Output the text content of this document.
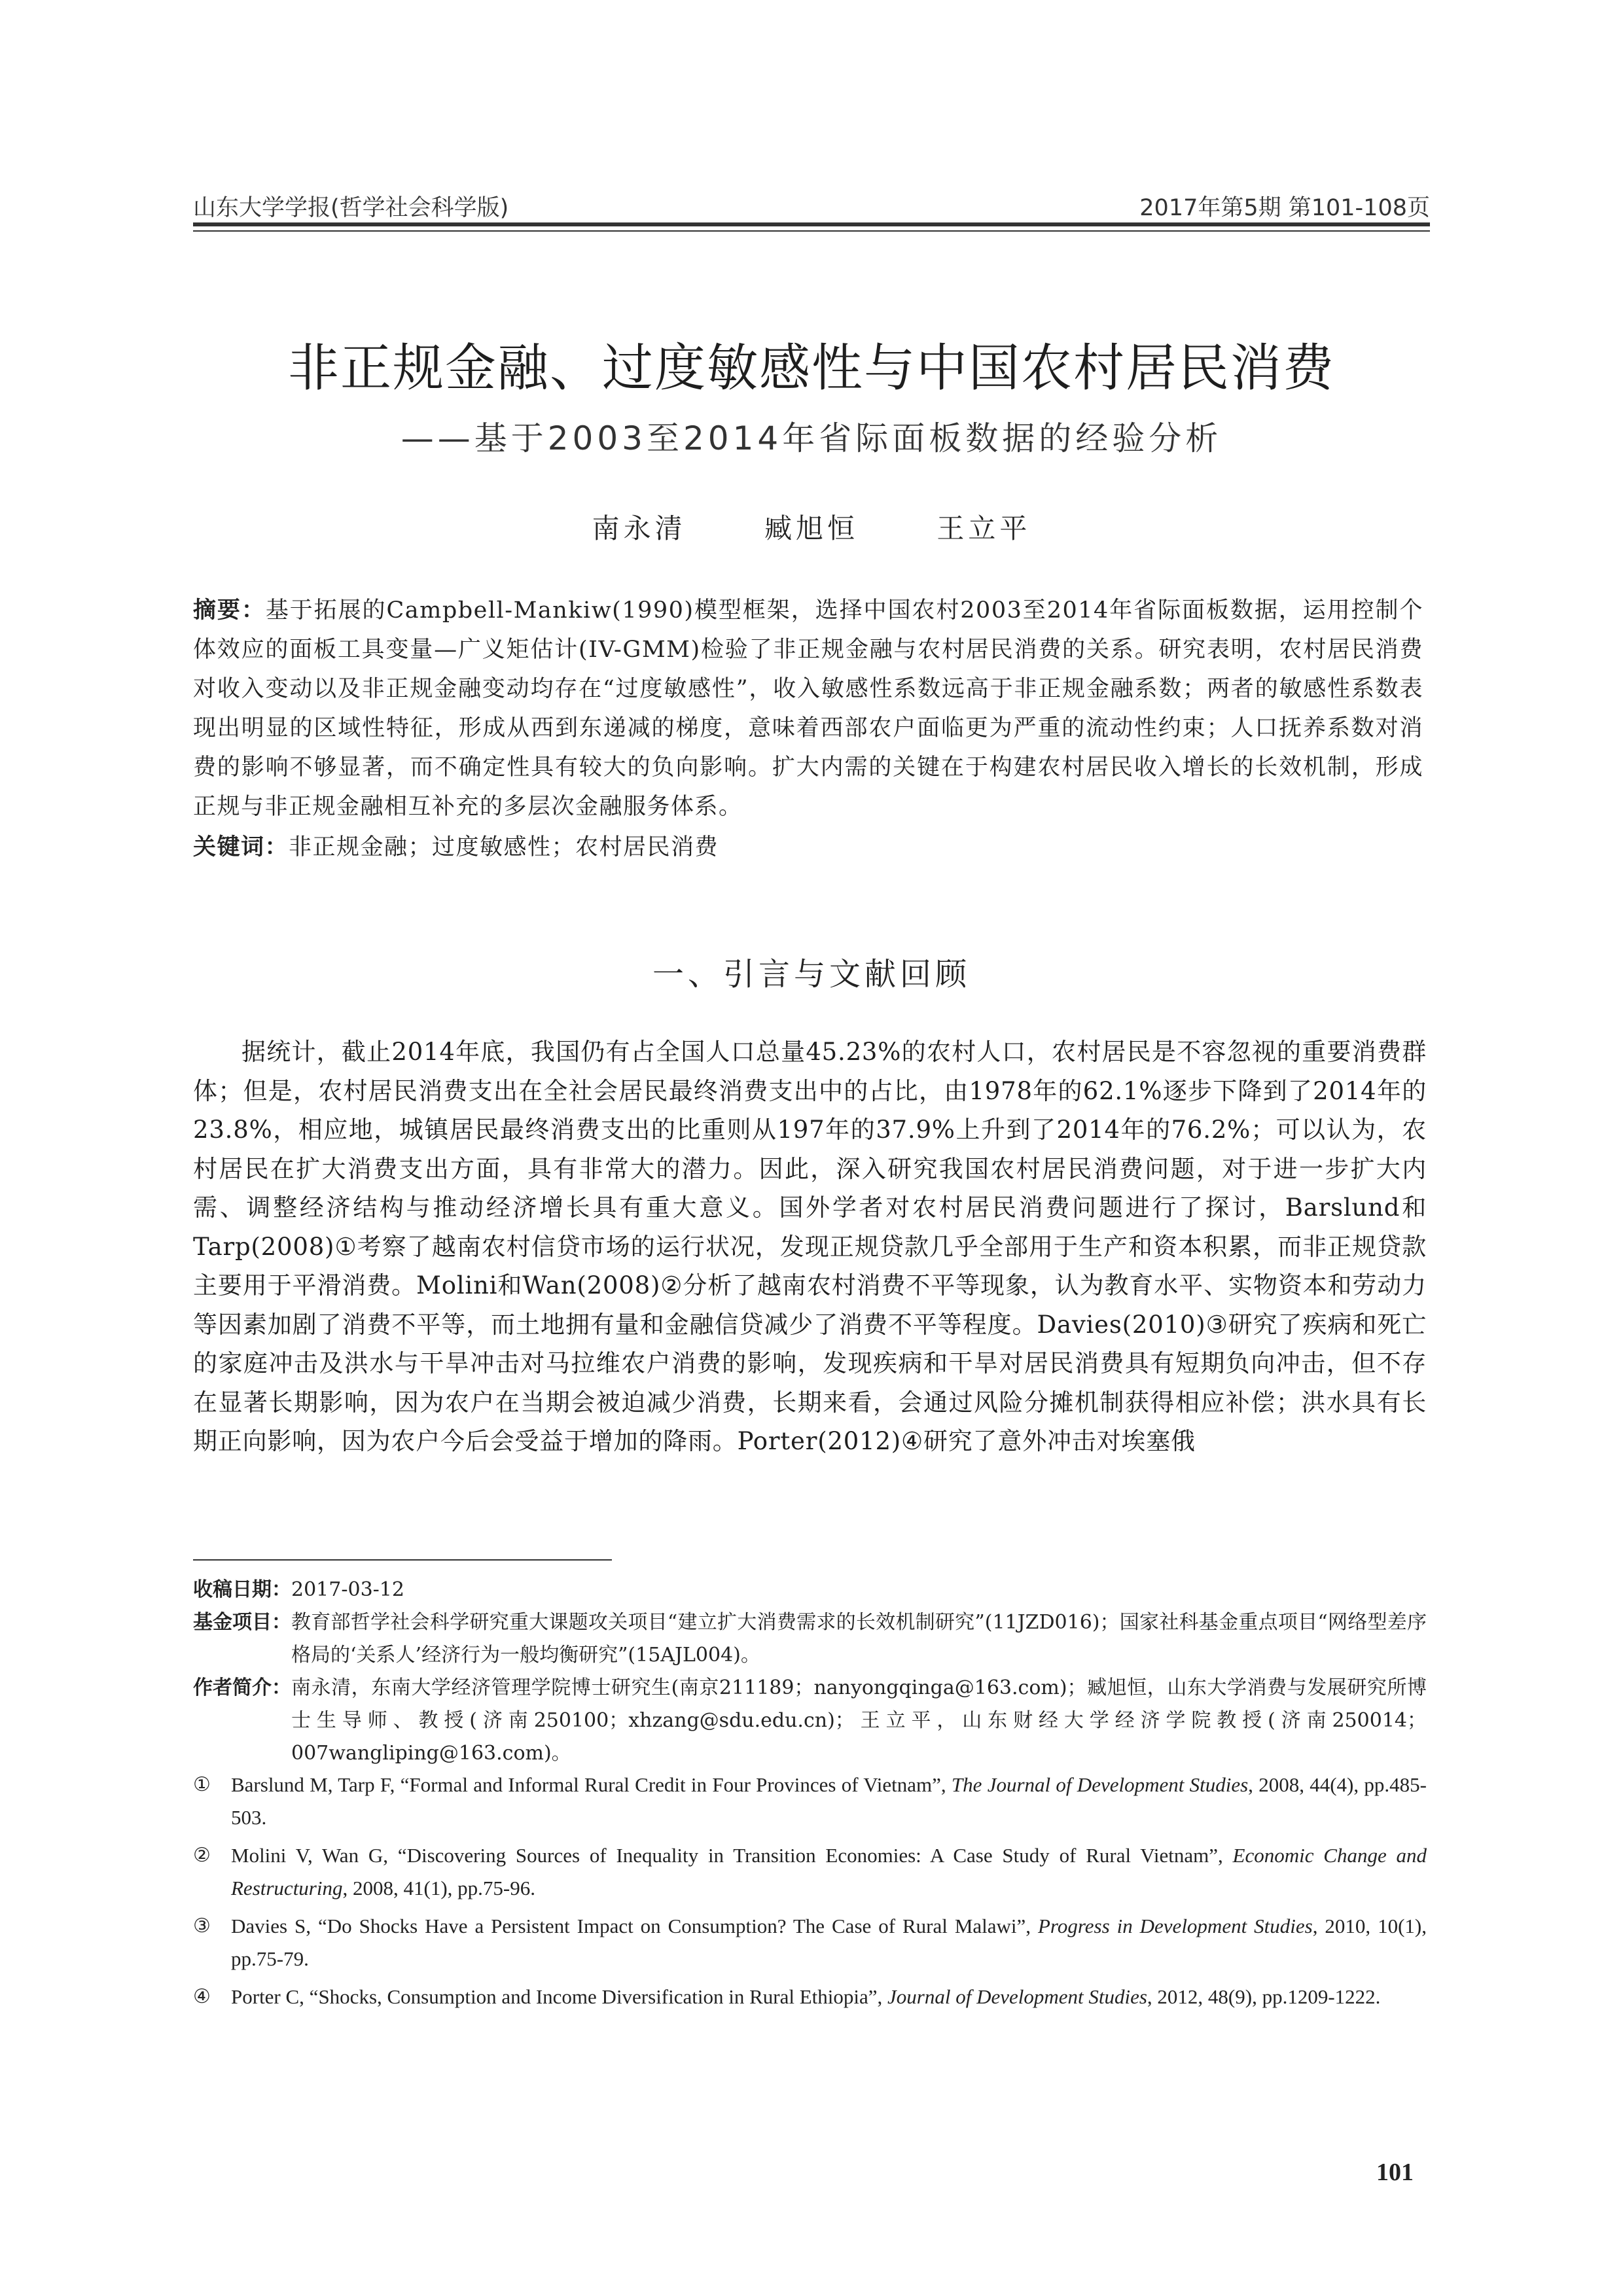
山东大学学报(哲学社会科学版)	2017年第5期 第101-108页
非正规金融、过度敏感性与中国农村居民消费
——基于2003至2014年省际面板数据的经验分析
南永清	臧旭恒	王立平
摘要：基于拓展的Campbell-Mankiw(1990)模型框架，选择中国农村2003至2014年省际面板数据，运用控制个体效应的面板工具变量—广义矩估计(IV-GMM)检验了非正规金融与农村居民消费的关系。研究表明，农村居民消费对收入变动以及非正规金融变动均存在“过度敏感性”，收入敏感性系数远高于非正规金融系数；两者的敏感性系数表现出明显的区域性特征，形成从西到东递减的梯度，意味着西部农户面临更为严重的流动性约束；人口抚养系数对消费的影响不够显著，而不确定性具有较大的负向影响。扩大内需的关键在于构建农村居民收入增长的长效机制，形成正规与非正规金融相互补充的多层次金融服务体系。
关键词：非正规金融；过度敏感性；农村居民消费
一、引言与文献回顾

据统计，截止2014年底，我国仍有占全国人口总量45.23%的农村人口，农村居民是不容忽视的重要消费群体；但是，农村居民消费支出在全社会居民最终消费支出中的占比，由1978年的62.1%逐步下降到了2014年的23.8%，相应地，城镇居民最终消费支出的比重则从197年的37.9%上升到了2014年的76.2%；可以认为，农村居民在扩大消费支出方面，具有非常大的潜力。因此，深入研究我国农村居民消费问题，对于进一步扩大内需、调整经济结构与推动经济增长具有重大意义。国外学者对农村居民消费问题进行了探讨，Barslund和Tarp(2008)①考察了越南农村信贷市场的运行状况，发现正规贷款几乎全部用于生产和资本积累，而非正规贷款主要用于平滑消费。Molini和Wan(2008)②分析了越南农村消费不平等现象，认为教育水平、实物资本和劳动力等因素加剧了消费不平等，而土地拥有量和金融信贷减少了消费不平等程度。Davies(2010)③研究了疾病和死亡的家庭冲击及洪水与干旱冲击对马拉维农户消费的影响，发现疾病和干旱对居民消费具有短期负向冲击，但不存在显著长期影响，因为农户在当期会被迫减少消费，长期来看，会通过风险分摊机制获得相应补偿；洪水具有长期正向影响，因为农户今后会受益于增加的降雨。Porter(2012)④研究了意外冲击对埃塞俄

收稿日期： 2017-03-12
基金项目： 教育部哲学社会科学研究重大课题攻关项目“建立扩大消费需求的长效机制研究”(11JZD016)；国家社科基金重点项目“网络型差序格局的‘关系人’经济行为一般均衡研究”(15AJL004)。
作者简介： 南永清，东南大学经济管理学院博士研究生(南京211189；nanyongqinga@163.com)；臧旭恒，山东大学消费与发展研究所博士生导师、教授(济南250100；xhzang@sdu.edu.cn)；王立平，山东财经大学经济学院教授(济南250014；007wangliping@163.com)。
①	Barslund M, Tarp F, “Formal and Informal Rural Credit in Four Provinces of Vietnam”, The Journal of Development Studies, 2008, 44(4), pp.485-503.
②	Molini V, Wan G, “Discovering Sources of Inequality in Transition Economies: A Case Study of Rural Vietnam”, Economic Change and Restructuring, 2008, 41(1), pp.75-96.
③	Davies S, “Do Shocks Have a Persistent Impact on Consumption? The Case of Rural Malawi”, Progress in Development Studies, 2010, 10(1), pp.75-79.
④	Porter C, “Shocks, Consumption and Income Diversification in Rural Ethiopia”, Journal of Development Studies, 2012, 48(9), pp.1209-1222.
101
